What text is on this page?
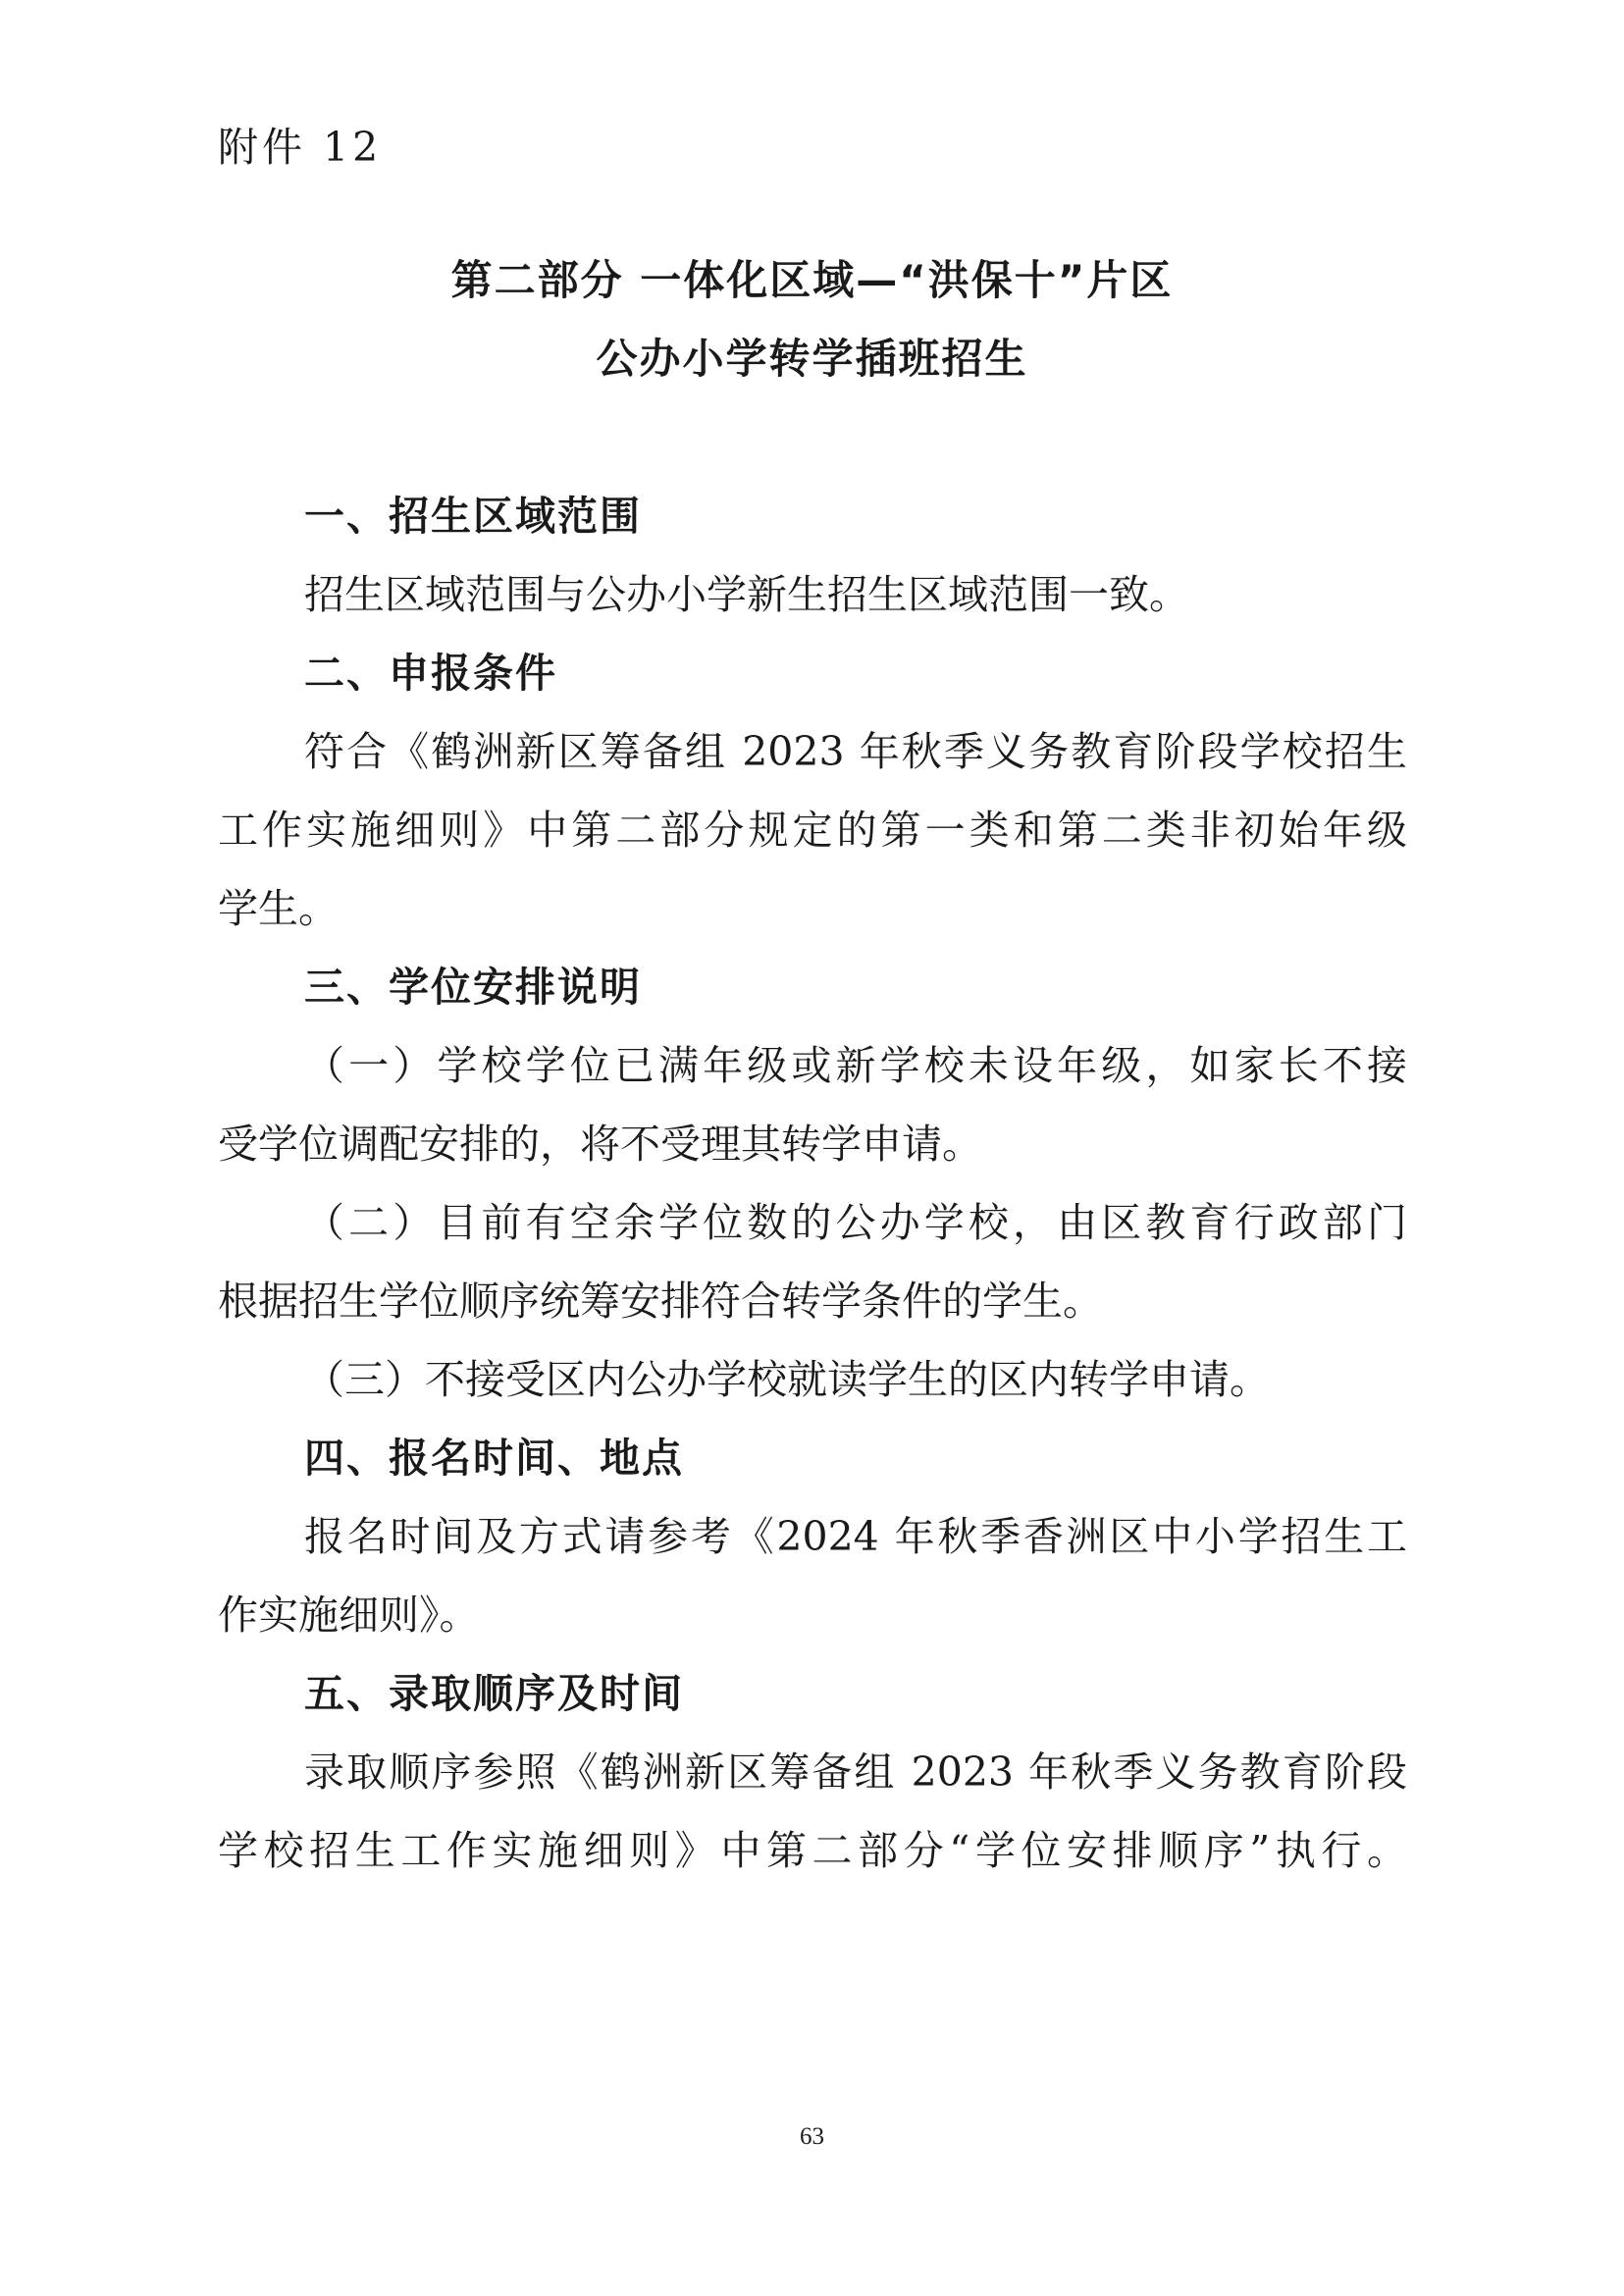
附件 12
第二部分 一体化区域—“洪保十”片区
公办小学转学插班招生
一、招生区域范围
招生区域范围与公办小学新生招生区域范围一致。
二、申报条件
符合《鹤洲新区筹备组 2023 年秋季义务教育阶段学校招生
工作实施细则》中第二部分规定的第一类和第二类非初始年级
学生。
三、学位安排说明
（一）学校学位已满年级或新学校未设年级，如家长不接
受学位调配安排的，将不受理其转学申请。
（二）目前有空余学位数的公办学校，由区教育行政部门
根据招生学位顺序统筹安排符合转学条件的学生。
（三）不接受区内公办学校就读学生的区内转学申请。
四、报名时间、地点
报名时间及方式请参考《2024 年秋季香洲区中小学招生工
作实施细则》。
五、录取顺序及时间
录取顺序参照《鹤洲新区筹备组 2023 年秋季义务教育阶段
学校招生工作实施细则》中第二部分“学位安排顺序”执行。
63
